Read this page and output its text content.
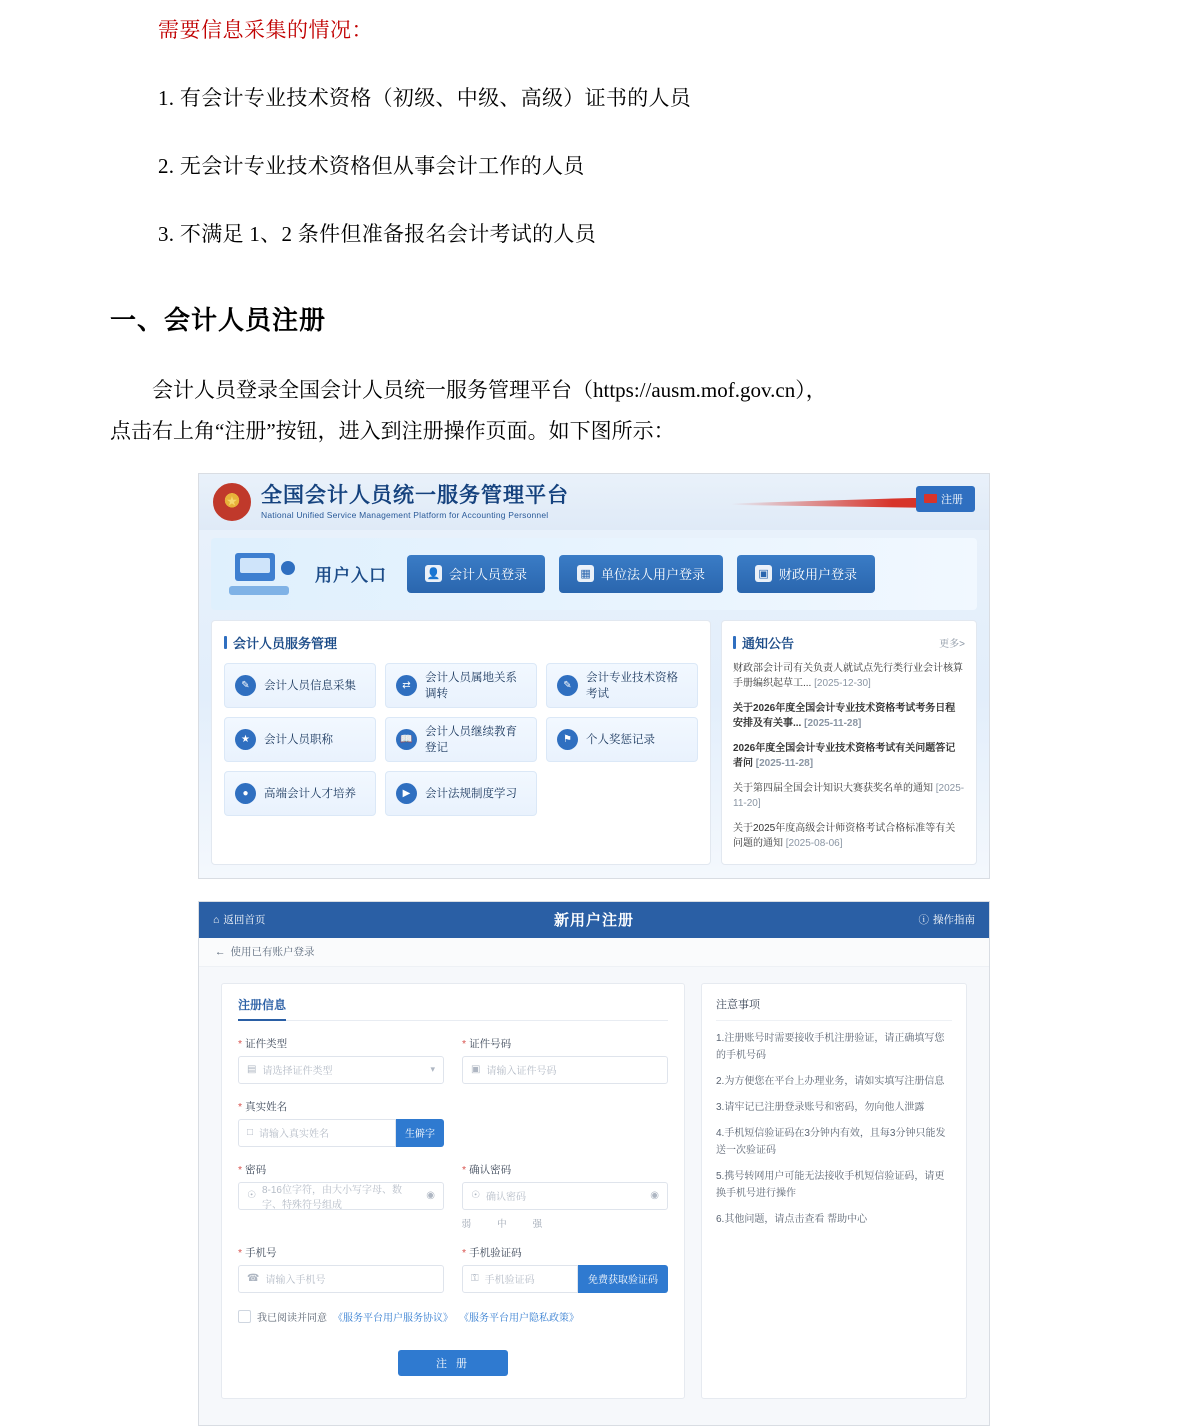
需要信息采集的情况：
1. 有会计专业技术资格（初级、中级、高级）证书的人员
2. 无会计专业技术资格但从事会计工作的人员
3. 不满足 1、2 条件但准备报名会计考试的人员
一、会计人员注册
会计人员登录全国会计人员统一服务管理平台（https://ausm.mof.gov.cn），
点击右上角“注册”按钮，进入到注册操作页面。如下图所示：
★
全国会计人员统一服务管理平台
National Unified Service Management Platform for Accounting Personnel
注册
用户入口	👤 会计人员登录	▦ 单位法人用户登录	▣ 财政用户登录
会计人员服务管理
✎	会计人员信息采集	⇄
会计人员属地关系调转
✎
会计专业技术资格考试
★	会计人员职称	📖
会计人员继续教育登记
⚑	个人奖惩记录
●	高端会计人才培养	▶	会计法规制度学习
通知公告	更多>
财政部会计司有关负责人就试点先行类行业会计核算手册编织起草工... [2025-12-30]
关于2026年度全国会计专业技术资格考试考务日程安排及有关事... [2025-11-28]
2026年度全国会计专业技术资格考试有关问题答记者问 [2025-11-28]
关于第四届全国会计知识大赛获奖名单的通知 [2025-11-20]
关于2025年度高级会计师资格考试合格标准等有关问题的通知 [2025-08-06]
⌂ 返回首页	新用户注册	ⓘ 操作指南
← 使用已有账户登录
注册信息
* 证件类型
▤ 请选择证件类型	▾
* 证件号码
▣ 请输入证件号码
* 真实姓名
□ 请输入真实姓名	生僻字
* 密码
☉ 8-16位字符，由大小写字母、数字、特殊符号组成
◉
* 确认密码
☉ 确认密码	◉
弱	中	强
* 手机号
☎ 请输入手机号
* 手机验证码
⚿ 手机验证码	免费获取验证码
我已阅读并同意 《服务平台用户服务协议》 《服务平台用户隐私政策》
注 册
注意事项
1.注册账号时需要接收手机注册验证，请正确填写您的手机号码
2.为方便您在平台上办理业务，请如实填写注册信息
3.请牢记已注册登录账号和密码，勿向他人泄露
4.手机短信验证码在3分钟内有效，且每3分钟只能发送一次验证码
5.携号转网用户可能无法接收手机短信验证码，请更换手机号进行操作
6.其他问题，请点击查看 帮助中心
